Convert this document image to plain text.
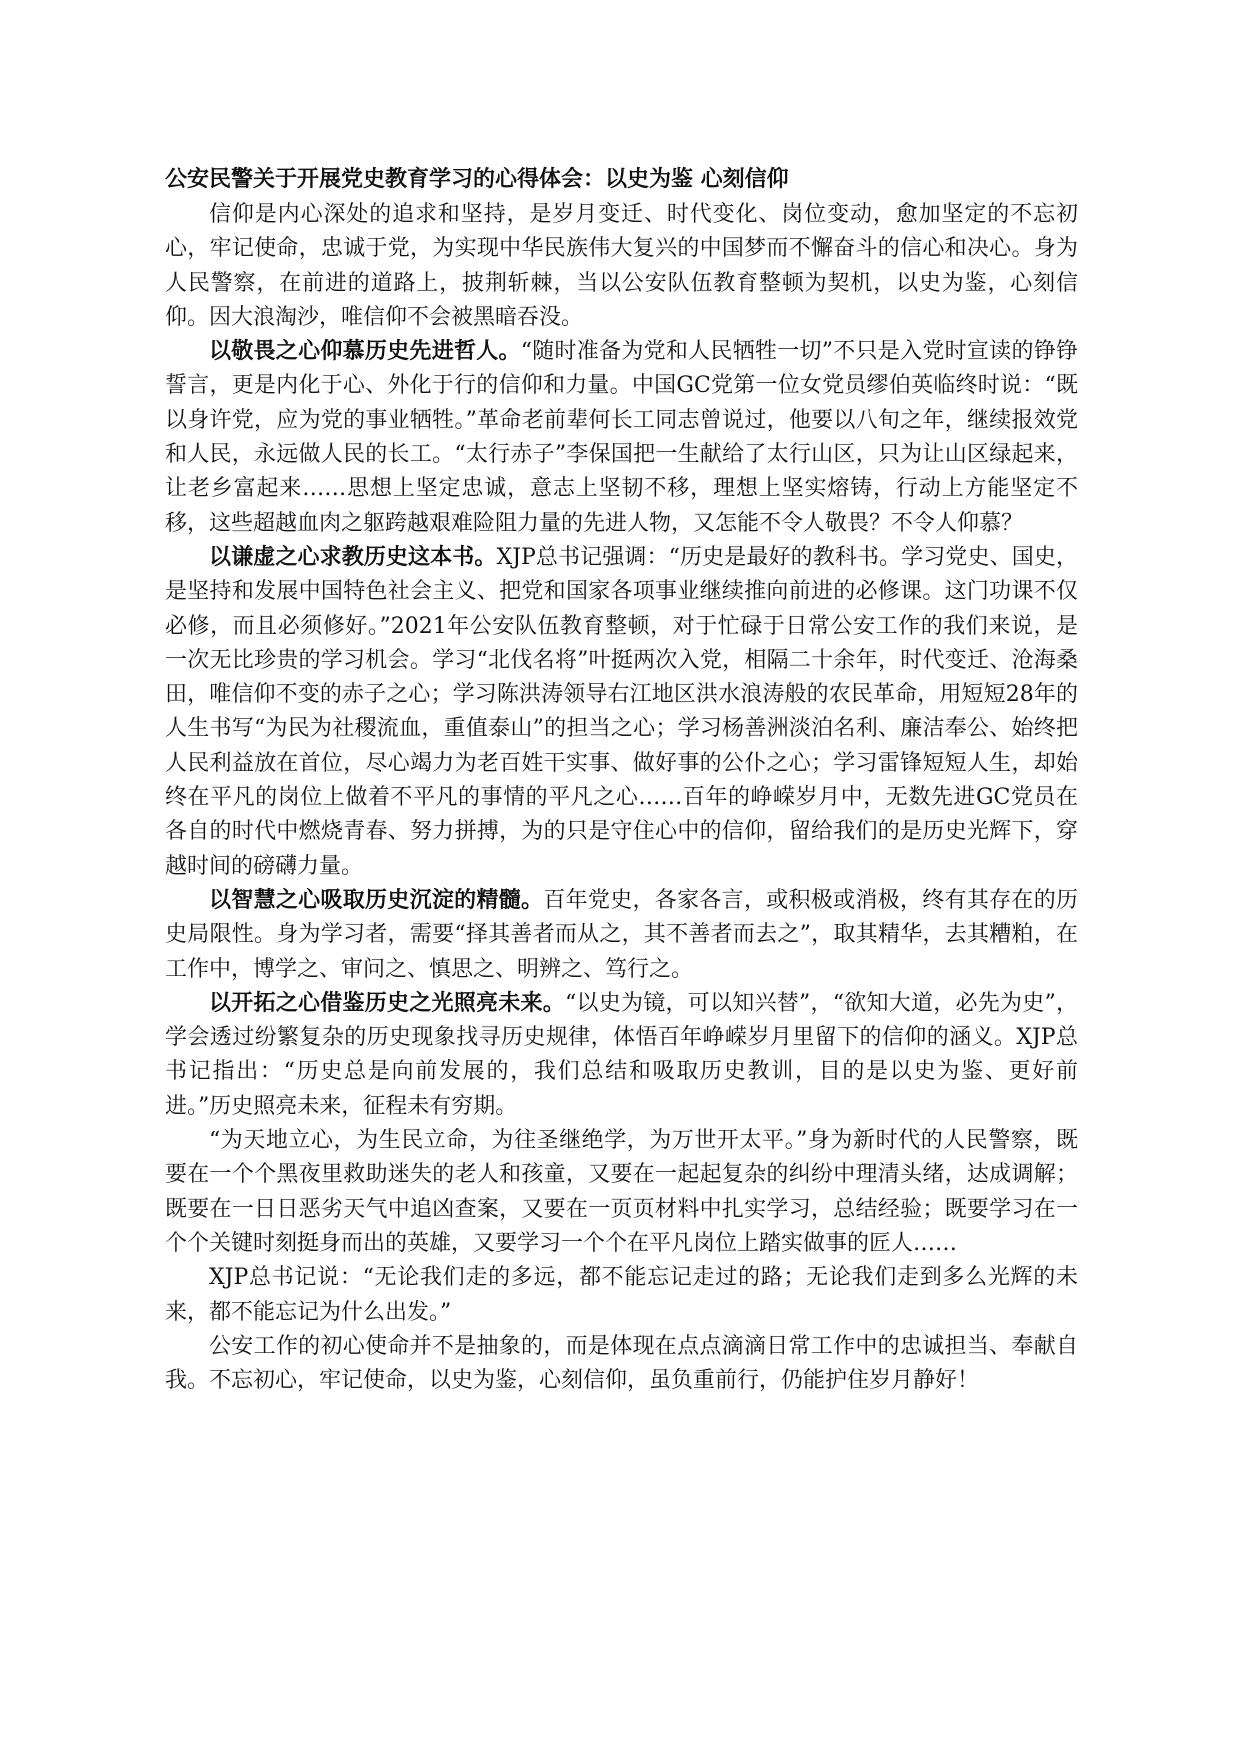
公安民警关于开展党史教育学习的心得体会：以史为鉴 心刻信仰

信仰是内心深处的追求和坚持，是岁月变迁、时代变化、岗位变动，愈加坚定的不忘初心，牢记使命，忠诚于党，为实现中华民族伟大复兴的中国梦而不懈奋斗的信心和决心。身为人民警察，在前进的道路上，披荆斩棘，当以公安队伍教育整顿为契机，以史为鉴，心刻信仰。因大浪淘沙，唯信仰不会被黑暗吞没。

以敬畏之心仰慕历史先进哲人。“随时准备为党和人民牺牲一切”不只是入党时宣读的铮铮誓言，更是内化于心、外化于行的信仰和力量。中国GC党第一位女党员缪伯英临终时说：“既以身许党，应为党的事业牺牲。”革命老前辈何长工同志曾说过，他要以八旬之年，继续报效党和人民，永远做人民的长工。“太行赤子”李保国把一生献给了太行山区，只为让山区绿起来，让老乡富起来……思想上坚定忠诚，意志上坚韧不移，理想上坚实熔铸，行动上方能坚定不移，这些超越血肉之躯跨越艰难险阻力量的先进人物，又怎能不令人敬畏？不令人仰慕？

以谦虚之心求教历史这本书。XJP总书记强调：“历史是最好的教科书。学习党史、国史，是坚持和发展中国特色社会主义、把党和国家各项事业继续推向前进的必修课。这门功课不仅必修，而且必须修好。”2021年公安队伍教育整顿，对于忙碌于日常公安工作的我们来说，是一次无比珍贵的学习机会。学习“北伐名将”叶挺两次入党，相隔二十余年，时代变迁、沧海桑田，唯信仰不变的赤子之心；学习陈洪涛领导右江地区洪水浪涛般的农民革命，用短短28年的人生书写“为民为社稷流血，重值泰山”的担当之心；学习杨善洲淡泊名利、廉洁奉公、始终把人民利益放在首位，尽心竭力为老百姓干实事、做好事的公仆之心；学习雷锋短短人生，却始终在平凡的岗位上做着不平凡的事情的平凡之心……百年的峥嵘岁月中，无数先进GC党员在各自的时代中燃烧青春、努力拼搏，为的只是守住心中的信仰，留给我们的是历史光辉下，穿越时间的磅礴力量。

以智慧之心吸取历史沉淀的精髓。百年党史，各家各言，或积极或消极，终有其存在的历史局限性。身为学习者，需要“择其善者而从之，其不善者而去之”，取其精华，去其糟粕，在工作中，博学之、审问之、慎思之、明辨之、笃行之。

以开拓之心借鉴历史之光照亮未来。“以史为镜，可以知兴替”，“欲知大道，必先为史”，学会透过纷繁复杂的历史现象找寻历史规律，体悟百年峥嵘岁月里留下的信仰的涵义。XJP总书记指出：“历史总是向前发展的，我们总结和吸取历史教训，目的是以史为鉴、更好前进。”历史照亮未来，征程未有穷期。

“为天地立心，为生民立命，为往圣继绝学，为万世开太平。”身为新时代的人民警察，既要在一个个黑夜里救助迷失的老人和孩童，又要在一起起复杂的纠纷中理清头绪，达成调解；既要在一日日恶劣天气中追凶查案，又要在一页页材料中扎实学习，总结经验；既要学习在一个个关键时刻挺身而出的英雄，又要学习一个个在平凡岗位上踏实做事的匠人……

XJP总书记说：“无论我们走的多远，都不能忘记走过的路；无论我们走到多么光辉的未来，都不能忘记为什么出发。”

公安工作的初心使命并不是抽象的，而是体现在点点滴滴日常工作中的忠诚担当、奉献自我。不忘初心，牢记使命，以史为鉴，心刻信仰，虽负重前行，仍能护住岁月静好！
